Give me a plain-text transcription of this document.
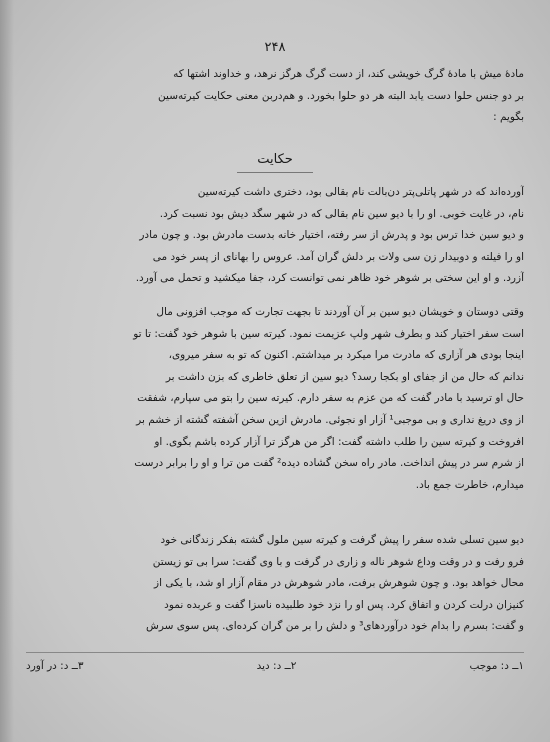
۲۴۸
مادهٔ میش با مادهٔ گرگ خویشی کند، از دست گرگ هرگز نرهد، و خداوند اشتها که
بر دو جنس حلوا دست یابد البته هر دو حلوا بخورد. و هم‌دربن معنی حکایت کیرته‌سین
بگویم :
حکایت
آورده‌اند که در شهر پاتلی‌پتر دن‌بالت نام بقالی بود، دختری داشت کیرته‌سین
نام، در غایت خوبی. او را با دیو سین نام بقالی که در شهر سگد دیش بود نسبت کرد.
و دیو سین خدا ترس بود و پدرش از سر رفته، اختیار خانه بدست مادرش بود. و چون مادر
او را فیلته و دوبیدار زن سی ولات بر دلش گران آمد. عروس را بهانای از پسر خود می
آزرد. و او این سختی بر شوهر خود ظاهر نمی توانست کرد، جفا میکشید و تحمل می آورد.
وقتی دوستان و خویشان دیو سین بر آن آوردند تا بجهت تجارت که موجب افزونی مال
است سفر اختیار کند و بطرف شهر ولپ عزیمت نمود. کیرته سین با شوهر خود گفت: تا تو
اینجا بودی هر آزاری که مادرت مرا میکرد بر میداشتم. اکنون که تو به سفر میروی،
ندانم که حال من از جفای او بکجا رسد؟ دیو سین از تعلق خاطری که بزن داشت بر
حال او ترسید با مادر گفت که من عزم به سفر دارم. کیرته سین را بتو می سپارم، شفقت
از وی دریغ نداری و بی موجبی¹ آزار او نجوئی. مادرش ازین سخن آشفته گشته از خشم بر
افروخت و کیرته سین را طلب داشته گفت: اگر من هرگز ترا آزار کرده باشم بگوی. او
از شرم سر در پیش انداخت. مادر راه سخن گشاده دیده² گفت من ترا و او را برابر درست
میدارم، خاطرت جمع باد.
دیو سین تسلی شده سفر را پیش گرفت و کیرته سین ملول گشته بفکر زندگانی خود
فرو رفت و در وقت وداع شوهر ناله و زاری در گرفت و با وی گفت: سرا بی تو زیستن
محال خواهد بود. و چون شوهرش برفت، مادر شوهرش در مقام آزار او شد، با یکی از
کنیزان درلت کردن و اتفاق کرد. پس او را نزد خود طلبیده ناسزا گفت و عربده نمود
و گفت: بسرم را بدام خود درآوردهای³ و دلش را بر من گران کرده‌ای. پس سوی سرش
١ــ د: موجب
٢ــ د: دید
٣ــ د: در آورد
